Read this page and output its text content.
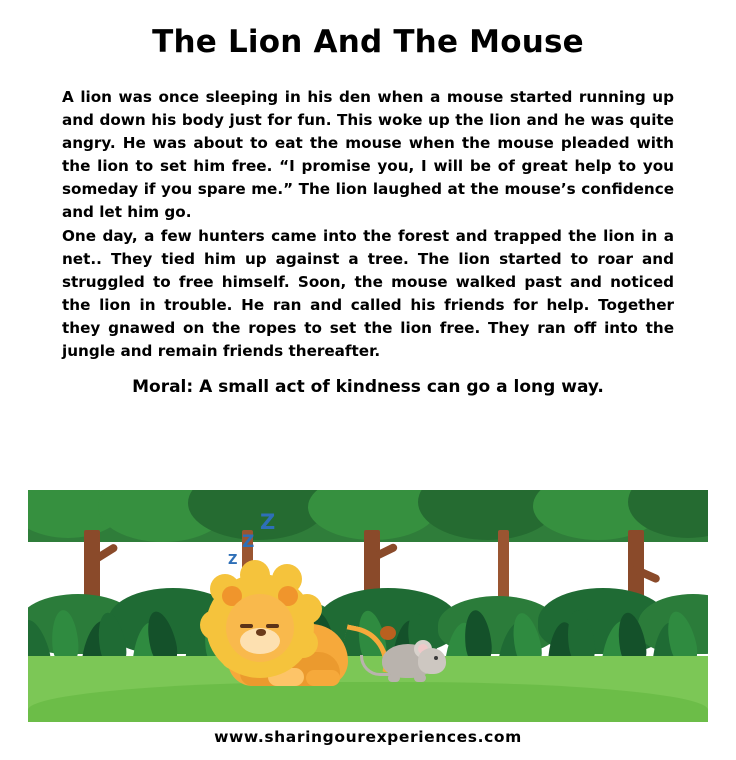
The Lion And The Mouse

A lion was once sleeping in his den when a mouse started running up and down his body just for fun. This woke up the lion and he was quite angry. He was about to eat the mouse when the mouse pleaded with the lion to set him free. “I promise you, I will be of great help to you someday if you spare me.” The lion laughed at the mouse’s confidence and let him go.

One day, a few hunters came into the forest and trapped the lion in a net.. They tied him up against a tree. The lion started to roar and struggled to free himself. Soon, the mouse walked past and noticed the lion in trouble. He ran and called his friends for help. Together they gnawed on the ropes to set the lion free. They ran off into the jungle and remain friends thereafter.

Moral: A small act of kindness can go a long way.
Z
Z
Z
www.sharingourexperiences.com
